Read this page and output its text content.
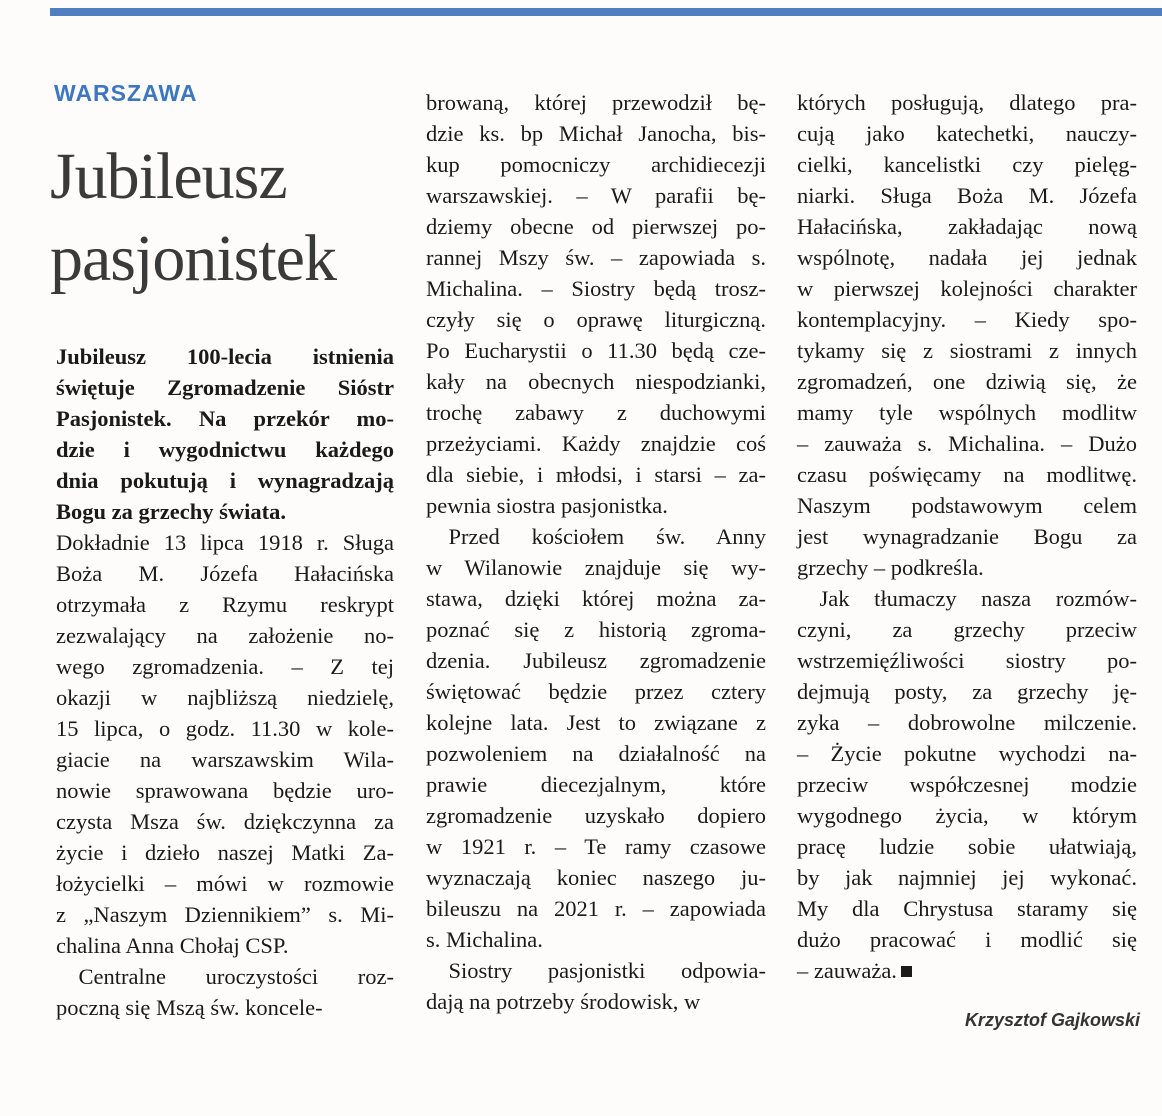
WARSZAWA
Jubileusz
pasjonistek
Jubileusz 100-lecia istnienia
świętuje Zgromadzenie Sióstr
Pasjonistek. Na przekór mo-
dzie i wygodnictwu każdego
dnia pokutują i wynagradzają
Bogu za grzechy świata.
Dokładnie 13 lipca 1918 r. Sługa
Boża M. Józefa Hałacińska
otrzymała z Rzymu reskrypt
zezwalający na założenie no-
wego zgromadzenia. – Z tej
okazji w najbliższą niedzielę,
15 lipca, o godz. 11.30 w kole-
giacie na warszawskim Wila-
nowie sprawowana będzie uro-
czysta Msza św. dziękczynna za
życie i dzieło naszej Matki Za-
łożycielki – mówi w rozmowie
z „Naszym Dziennikiem” s. Mi-
chalina Anna Chołaj CSP.
 Centralne uroczystości roz-
poczną się Mszą św. koncele-
browaną, której przewodził bę-
dzie ks. bp Michał Janocha, bis-
kup pomocniczy archidiecezji
warszawskiej. – W parafii bę-
dziemy obecne od pierwszej po-
rannej Mszy św. – zapowiada s.
Michalina. – Siostry będą trosz-
czyły się o oprawę liturgiczną.
Po Eucharystii o 11.30 będą cze-
kały na obecnych niespodzianki,
trochę zabawy z duchowymi
przeżyciami. Każdy znajdzie coś
dla siebie, i młodsi, i starsi – za-
pewnia siostra pasjonistka.
 Przed kościołem św. Anny
w Wilanowie znajduje się wy-
stawa, dzięki której można za-
poznać się z historią zgroma-
dzenia. Jubileusz zgromadzenie
świętować będzie przez cztery
kolejne lata. Jest to związane z
pozwoleniem na działalność na
prawie diecezjalnym, które
zgromadzenie uzyskało dopiero
w 1921 r. – Te ramy czasowe
wyznaczają koniec naszego ju-
bileuszu na 2021 r. – zapowiada
s. Michalina.
 Siostry pasjonistki odpowia-
dają na potrzeby środowisk, w
których posługują, dlatego pra-
cują jako katechetki, nauczy-
cielki, kancelistki czy pielęg-
niarki. Sługa Boża M. Józefa
Hałacińska, zakładając nową
wspólnotę, nadała jej jednak
w pierwszej kolejności charakter
kontemplacyjny. – Kiedy spo-
tykamy się z siostrami z innych
zgromadzeń, one dziwią się, że
mamy tyle wspólnych modlitw
– zauważa s. Michalina. – Dużo
czasu poświęcamy na modlitwę.
Naszym podstawowym celem
jest wynagradzanie Bogu za
grzechy – podkreśla.
 Jak tłumaczy nasza rozmów-
czyni, za grzechy przeciw
wstrzemięźliwości siostry po-
dejmują posty, za grzechy ję-
zyka – dobrowolne milczenie.
– Życie pokutne wychodzi na-
przeciw współczesnej modzie
wygodnego życia, w którym
pracę ludzie sobie ułatwiają,
by jak najmniej jej wykonać.
My dla Chrystusa staramy się
dużo pracować i modlić się
– zauważa.
Krzysztof Gajkowski
